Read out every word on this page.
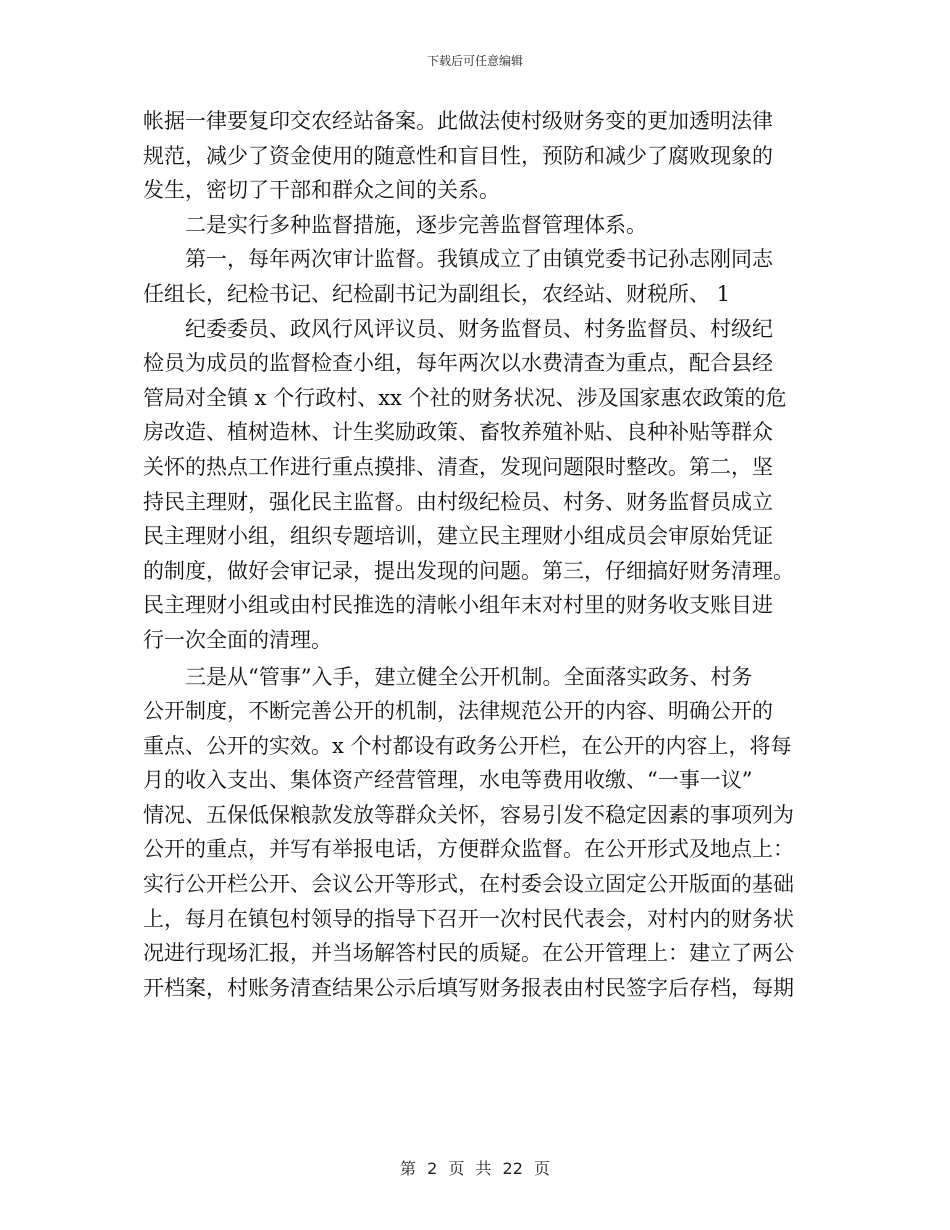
下载后可任意编辑
帐据一律要复印交农经站备案。此做法使村级财务变的更加透明法律
规范，减少了资金使用的随意性和盲目性，预防和减少了腐败现象的
发生，密切了干部和群众之间的关系。
二是实行多种监督措施，逐步完善监督管理体系。
第一，每年两次审计监督。我镇成立了由镇党委书记孙志刚同志
任组长，纪检书记、纪检副书记为副组长，农经站、财税所、 1
纪委委员、政风行风评议员、财务监督员、村务监督员、村级纪
检员为成员的监督检查小组，每年两次以水费清查为重点，配合县经
管局对全镇 x 个行政村、xx 个社的财务状况、涉及国家惠农政策的危
房改造、植树造林、计生奖励政策、畜牧养殖补贴、良种补贴等群众
关怀的热点工作进行重点摸排、清查，发现问题限时整改。第二，坚
持民主理财，强化民主监督。由村级纪检员、村务、财务监督员成立
民主理财小组，组织专题培训，建立民主理财小组成员会审原始凭证
的制度，做好会审记录，提出发现的问题。第三，仔细搞好财务清理。
民主理财小组或由村民推选的清帐小组年末对村里的财务收支账目进
行一次全面的清理。
三是从“管事”入手，建立健全公开机制。全面落实政务、村务
公开制度，不断完善公开的机制，法律规范公开的内容、明确公开的
重点、公开的实效。x 个村都设有政务公开栏，在公开的内容上，将每
月的收入支出、集体资产经营管理，水电等费用收缴、“一事一议”
情况、五保低保粮款发放等群众关怀，容易引发不稳定因素的事项列为
公开的重点，并写有举报电话，方便群众监督。在公开形式及地点上：
实行公开栏公开、会议公开等形式，在村委会设立固定公开版面的基础
上，每月在镇包村领导的指导下召开一次村民代表会，对村内的财务状
况进行现场汇报，并当场解答村民的质疑。在公开管理上：建立了两公
开档案，村账务清查结果公示后填写财务报表由村民签字后存档，每期
第 2 页 共 22 页
